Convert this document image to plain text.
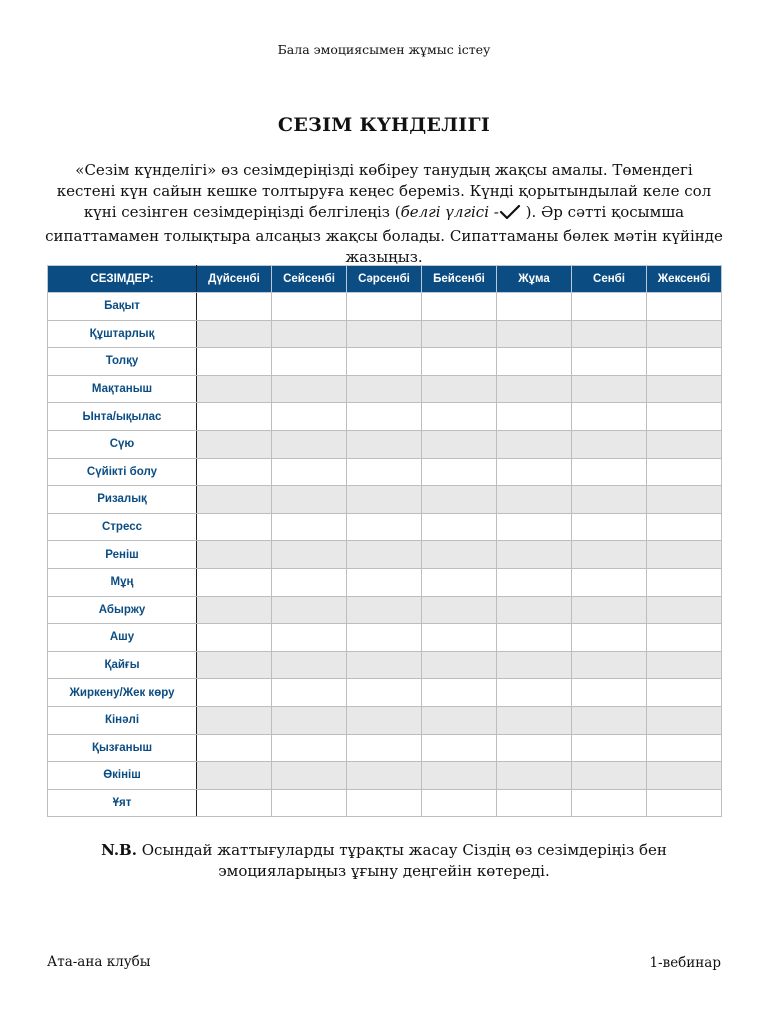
Бала эмоциясымен жұмыс істеу
СЕЗІМ КҮНДЕЛІГІ
«Сезім күнделігі» өз сезімдеріңізді көбіреу танудың жақсы амалы. Төмендегі кестені күн сайын кешке толтыруға кеңес береміз. Күнді қорытындылай келе сол күні сезінген сезімдеріңізді белгілеңіз (белгі үлгісі - ). Әр сәтті қосымша сипаттамамен толықтыра алсаңыз жақсы болады. Сипаттаманы бөлек мәтін күйінде жазыңыз.
СЕЗІМДЕР:	Дүйсенбі	Сейсенбі	Сәрсенбі	Бейсенбі	Жұма	Сенбі	Жексенбі
Бақыт							
Құштарлық							
Толқу							
Мақтаныш							
Ынта/ықылас							
Сүю							
Сүйікті болу							
Ризалық							
Стресс							
Реніш							
Мұң							
Абыржу							
Ашу							
Қайғы							
Жиркену/Жек көру							
Кінәлі							
Қызғаныш							
Өкініш							
Ұят							
N.B. Осындай жаттығуларды тұрақты жасау Сіздің өз сезімдеріңіз бен эмоцияларыңыз ұғыну деңгейін көтереді.
Ата-ана клубы	1-вебинар
